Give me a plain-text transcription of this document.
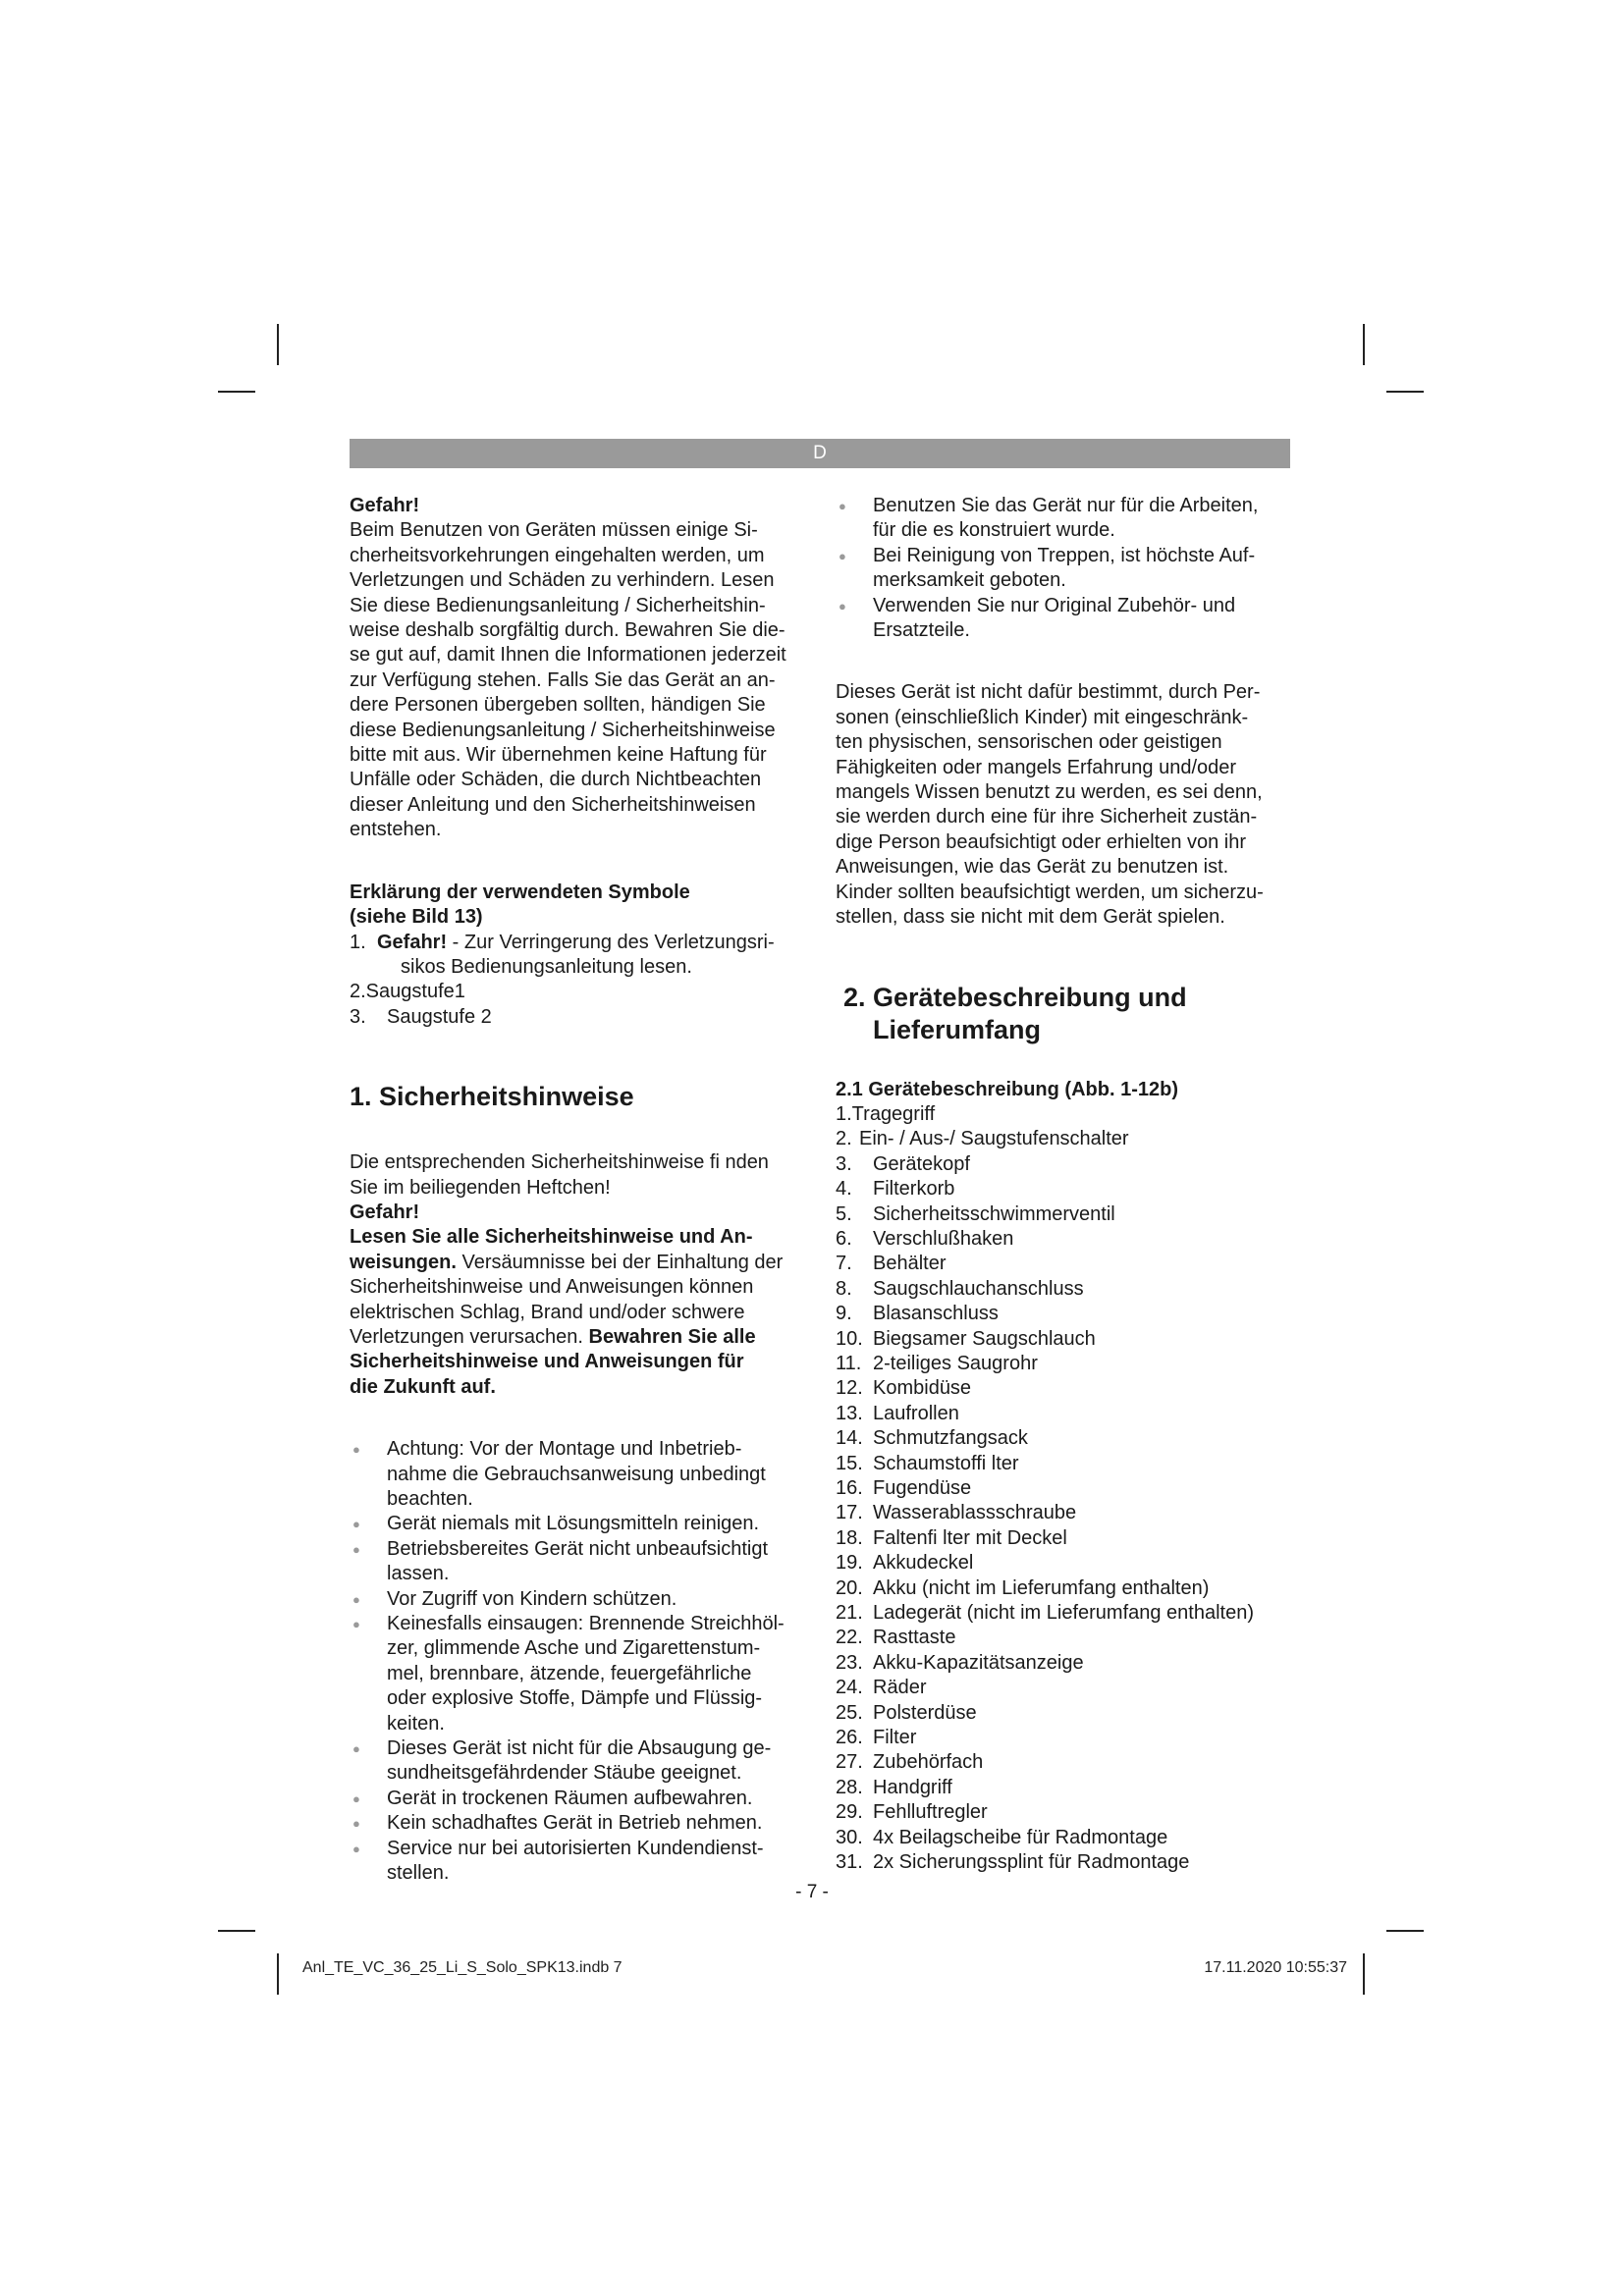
D

Gefahr!

Beim Benutzen von Geräten müssen einige Si-

cherheitsvorkehrungen eingehalten werden, um

Verletzungen und Schäden zu verhindern. Lesen

Sie diese Bedienungsanleitung / Sicherheitshin-

weise deshalb sorgfältig durch. Bewahren Sie die-

se gut auf, damit Ihnen die Informationen jederzeit

zur Verfügung stehen. Falls Sie das Gerät an an-

dere Personen übergeben sollten, händigen Sie

diese Bedienungsanleitung / Sicherheitshinweise

bitte mit aus. Wir übernehmen keine Haftung für

Unfälle oder Schäden, die durch Nichtbeachten

dieser Anleitung und den Sicherheitshinweisen

entstehen.

Erklärung der verwendeten Symbole

(siehe Bild 13)

1. Gefahr! - Zur Verringerung des Verletzungsri-

sikos Bedienungsanleitung lesen.

2.Saugstufe1

3. Saugstufe 2

1. Sicherheitshinweise

Die entsprechenden Sicherheitshinweise fi nden

Sie im beiliegenden Heftchen!

Gefahr!

Lesen Sie alle Sicherheitshinweise und An-

weisungen. Versäumnisse bei der Einhaltung der

Sicherheitshinweise und Anweisungen können

elektrischen Schlag, Brand und/oder schwere

Verletzungen verursachen. Bewahren Sie alle

Sicherheitshinweise und Anweisungen für

die Zukunft auf.

● Achtung: Vor der Montage und Inbetrieb-

nahme die Gebrauchsanweisung unbedingt

beachten.

● Gerät niemals mit Lösungsmitteln reinigen.

● Betriebsbereites Gerät nicht unbeaufsichtigt

lassen.

● Vor Zugriff von Kindern schützen.

● Keinesfalls einsaugen: Brennende Streichhöl-

zer, glimmende Asche und Zigarettenstum-

mel, brennbare, ätzende, feuergefährliche

oder explosive Stoffe, Dämpfe und Flüssig-

keiten.

● Dieses Gerät ist nicht für die Absaugung ge-

sundheitsgefährdender Stäube geeignet.

● Gerät in trockenen Räumen aufbewahren.

● Kein schadhaftes Gerät in Betrieb nehmen.

● Service nur bei autorisierten Kundendienst-

stellen.

● Benutzen Sie das Gerät nur für die Arbeiten,

für die es konstruiert wurde.

● Bei Reinigung von Treppen, ist höchste Auf-

merksamkeit geboten.

● Verwenden Sie nur Original Zubehör- und

Ersatzteile.

Dieses Gerät ist nicht dafür bestimmt, durch Per-

sonen (einschließlich Kinder) mit eingeschränk-

ten physischen, sensorischen oder geistigen

Fähigkeiten oder mangels Erfahrung und/oder

mangels Wissen benutzt zu werden, es sei denn,

sie werden durch eine für ihre Sicherheit zustän-

dige Person beaufsichtigt oder erhielten von ihr

Anweisungen, wie das Gerät zu benutzen ist.

Kinder sollten beaufsichtigt werden, um sicherzu-

stellen, dass sie nicht mit dem Gerät spielen.

2. Gerätebeschreibung und

Lieferumfang

2.1 Gerätebeschreibung (Abb. 1-12b)

1.Tragegriff

2. Ein- / Aus-/ Saugstufenschalter
3. Gerätekopf
4. Filterkorb
5. Sicherheitsschwimmerventil
6. Verschlußhaken
7. Behälter
8. Saugschlauchanschluss
9. Blasanschluss
10. Biegsamer Saugschlauch
11. 2-teiliges Saugrohr
12. Kombidüse
13. Laufrollen
14. Schmutzfangsack
15. Schaumstoffi lter
16. Fugendüse
17. Wasserablassschraube
18. Faltenfi lter mit Deckel
19. Akkudeckel
20. Akku (nicht im Lieferumfang enthalten)
21. Ladegerät (nicht im Lieferumfang enthalten)
22. Rasttaste
23. Akku-Kapazitätsanzeige
24. Räder
25. Polsterdüse
26. Filter
27. Zubehörfach
28. Handgriff
29. Fehlluftregler
30. 4x Beilagscheibe für Radmontage
31. 2x Sicherungssplint für Radmontage
- 7 -
Anl_TE_VC_36_25_Li_S_Solo_SPK13.indb 7	17.11.2020 10:55:37
